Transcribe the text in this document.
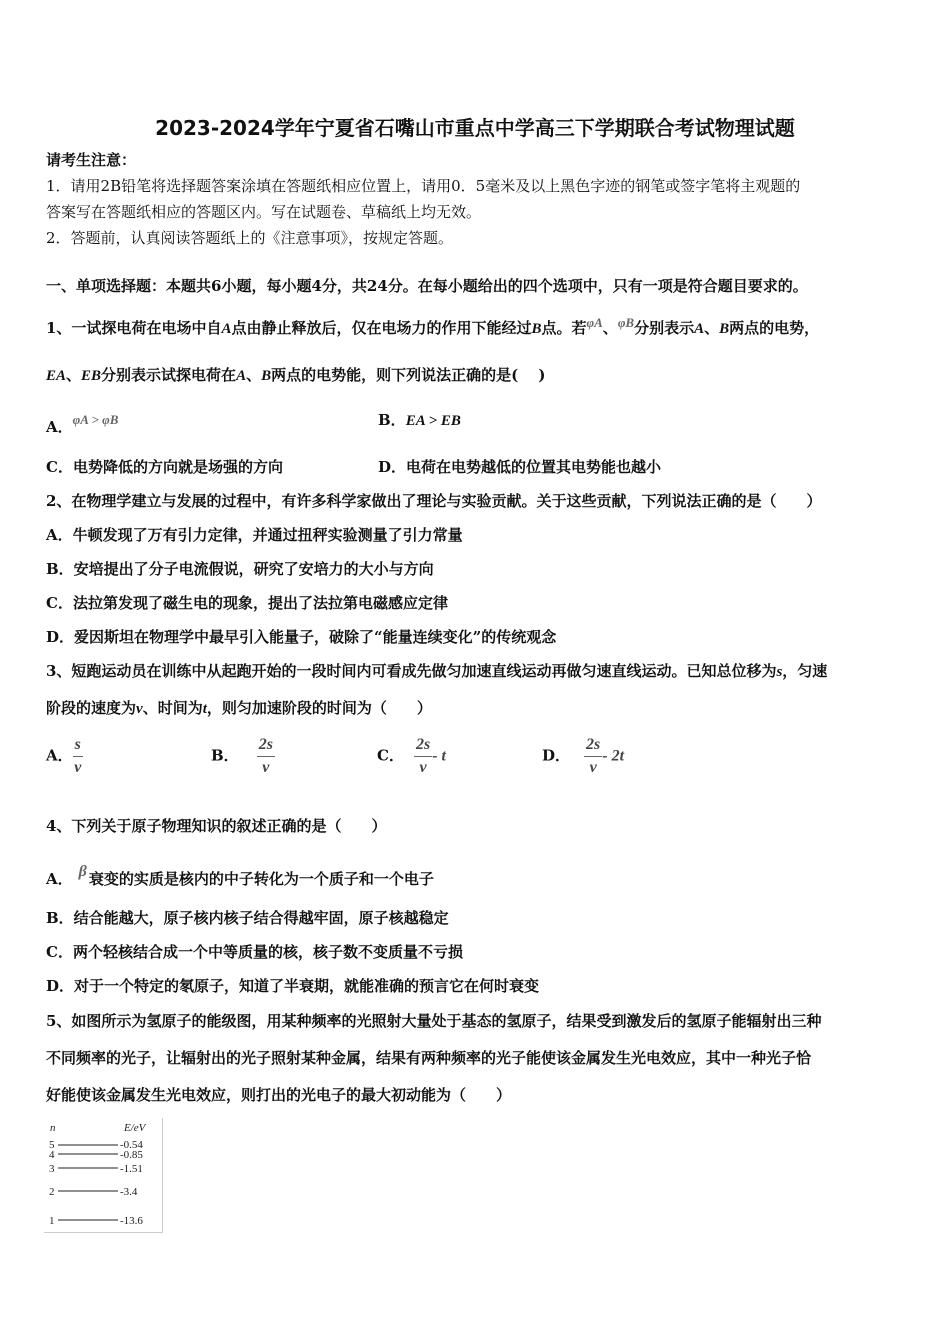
2023-2024学年宁夏省石嘴山市重点中学高三下学期联合考试物理试题
请考生注意：
1．请用2B铅笔将选择题答案涂填在答题纸相应位置上，请用0．5毫米及以上黑色字迹的钢笔或签字笔将主观题的
答案写在答题纸相应的答题区内。写在试题卷、草稿纸上均无效。
2．答题前，认真阅读答题纸上的《注意事项》，按规定答题。
一、单项选择题：本题共6小题，每小题4分，共24分。在每小题给出的四个选项中，只有一项是符合题目要求的。
1、一试探电荷在电场中自A点由静止释放后，仅在电场力的作用下能经过B点。若φA、φB分别表示A、B两点的电势，
EA、EB分别表示试探电荷在A、B两点的电势能，则下列说法正确的是(　 )
A．φA > φB	B．EA > EB
C．电势降低的方向就是场强的方向	D．电荷在电势越低的位置其电势能也越小
2、在物理学建立与发展的过程中，有许多科学家做出了理论与实验贡献。关于这些贡献，下列说法正确的是（　　）
A．牛顿发现了万有引力定律，并通过扭秤实验测量了引力常量
B．安培提出了分子电流假说，研究了安培力的大小与方向
C．法拉第发现了磁生电的现象，提出了法拉第电磁感应定律
D．爱因斯坦在物理学中最早引入能量子，破除了“能量连续变化”的传统观念
3、短跑运动员在训练中从起跑开始的一段时间内可看成先做匀加速直线运动再做匀速直线运动。已知总位移为s，匀速
阶段的速度为v、时间为t，则匀加速阶段的时间为（　　）
A． $\frac{s}{v}$	B． $\frac{2s}{v}$	C． $\frac{2s}{v}$ - t	D． $\frac{2s}{v} - 2t$
4、下列关于原子物理知识的叙述正确的是（　　）
A． β 衰变的实质是核内的中子转化为一个质子和一个电子
B．结合能越大，原子核内核子结合得越牢固，原子核越稳定
C．两个轻核结合成一个中等质量的核，核子数不变质量不亏损
D．对于一个特定的氡原子，知道了半衰期，就能准确的预言它在何时衰变
5、如图所示为氢原子的能级图，用某种频率的光照射大量处于基态的氢原子，结果受到激发后的氢原子能辐射出三种
不同频率的光子，让辐射出的光子照射某种金属，结果有两种频率的光子能使该金属发生光电效应，其中一种光子恰
好能使该金属发生光电效应，则打出的光电子的最大初动能为（　　）
n	E/eV
5
4
3
2
1
-0.54
-0.85
-1.51
-3.4
-13.6
